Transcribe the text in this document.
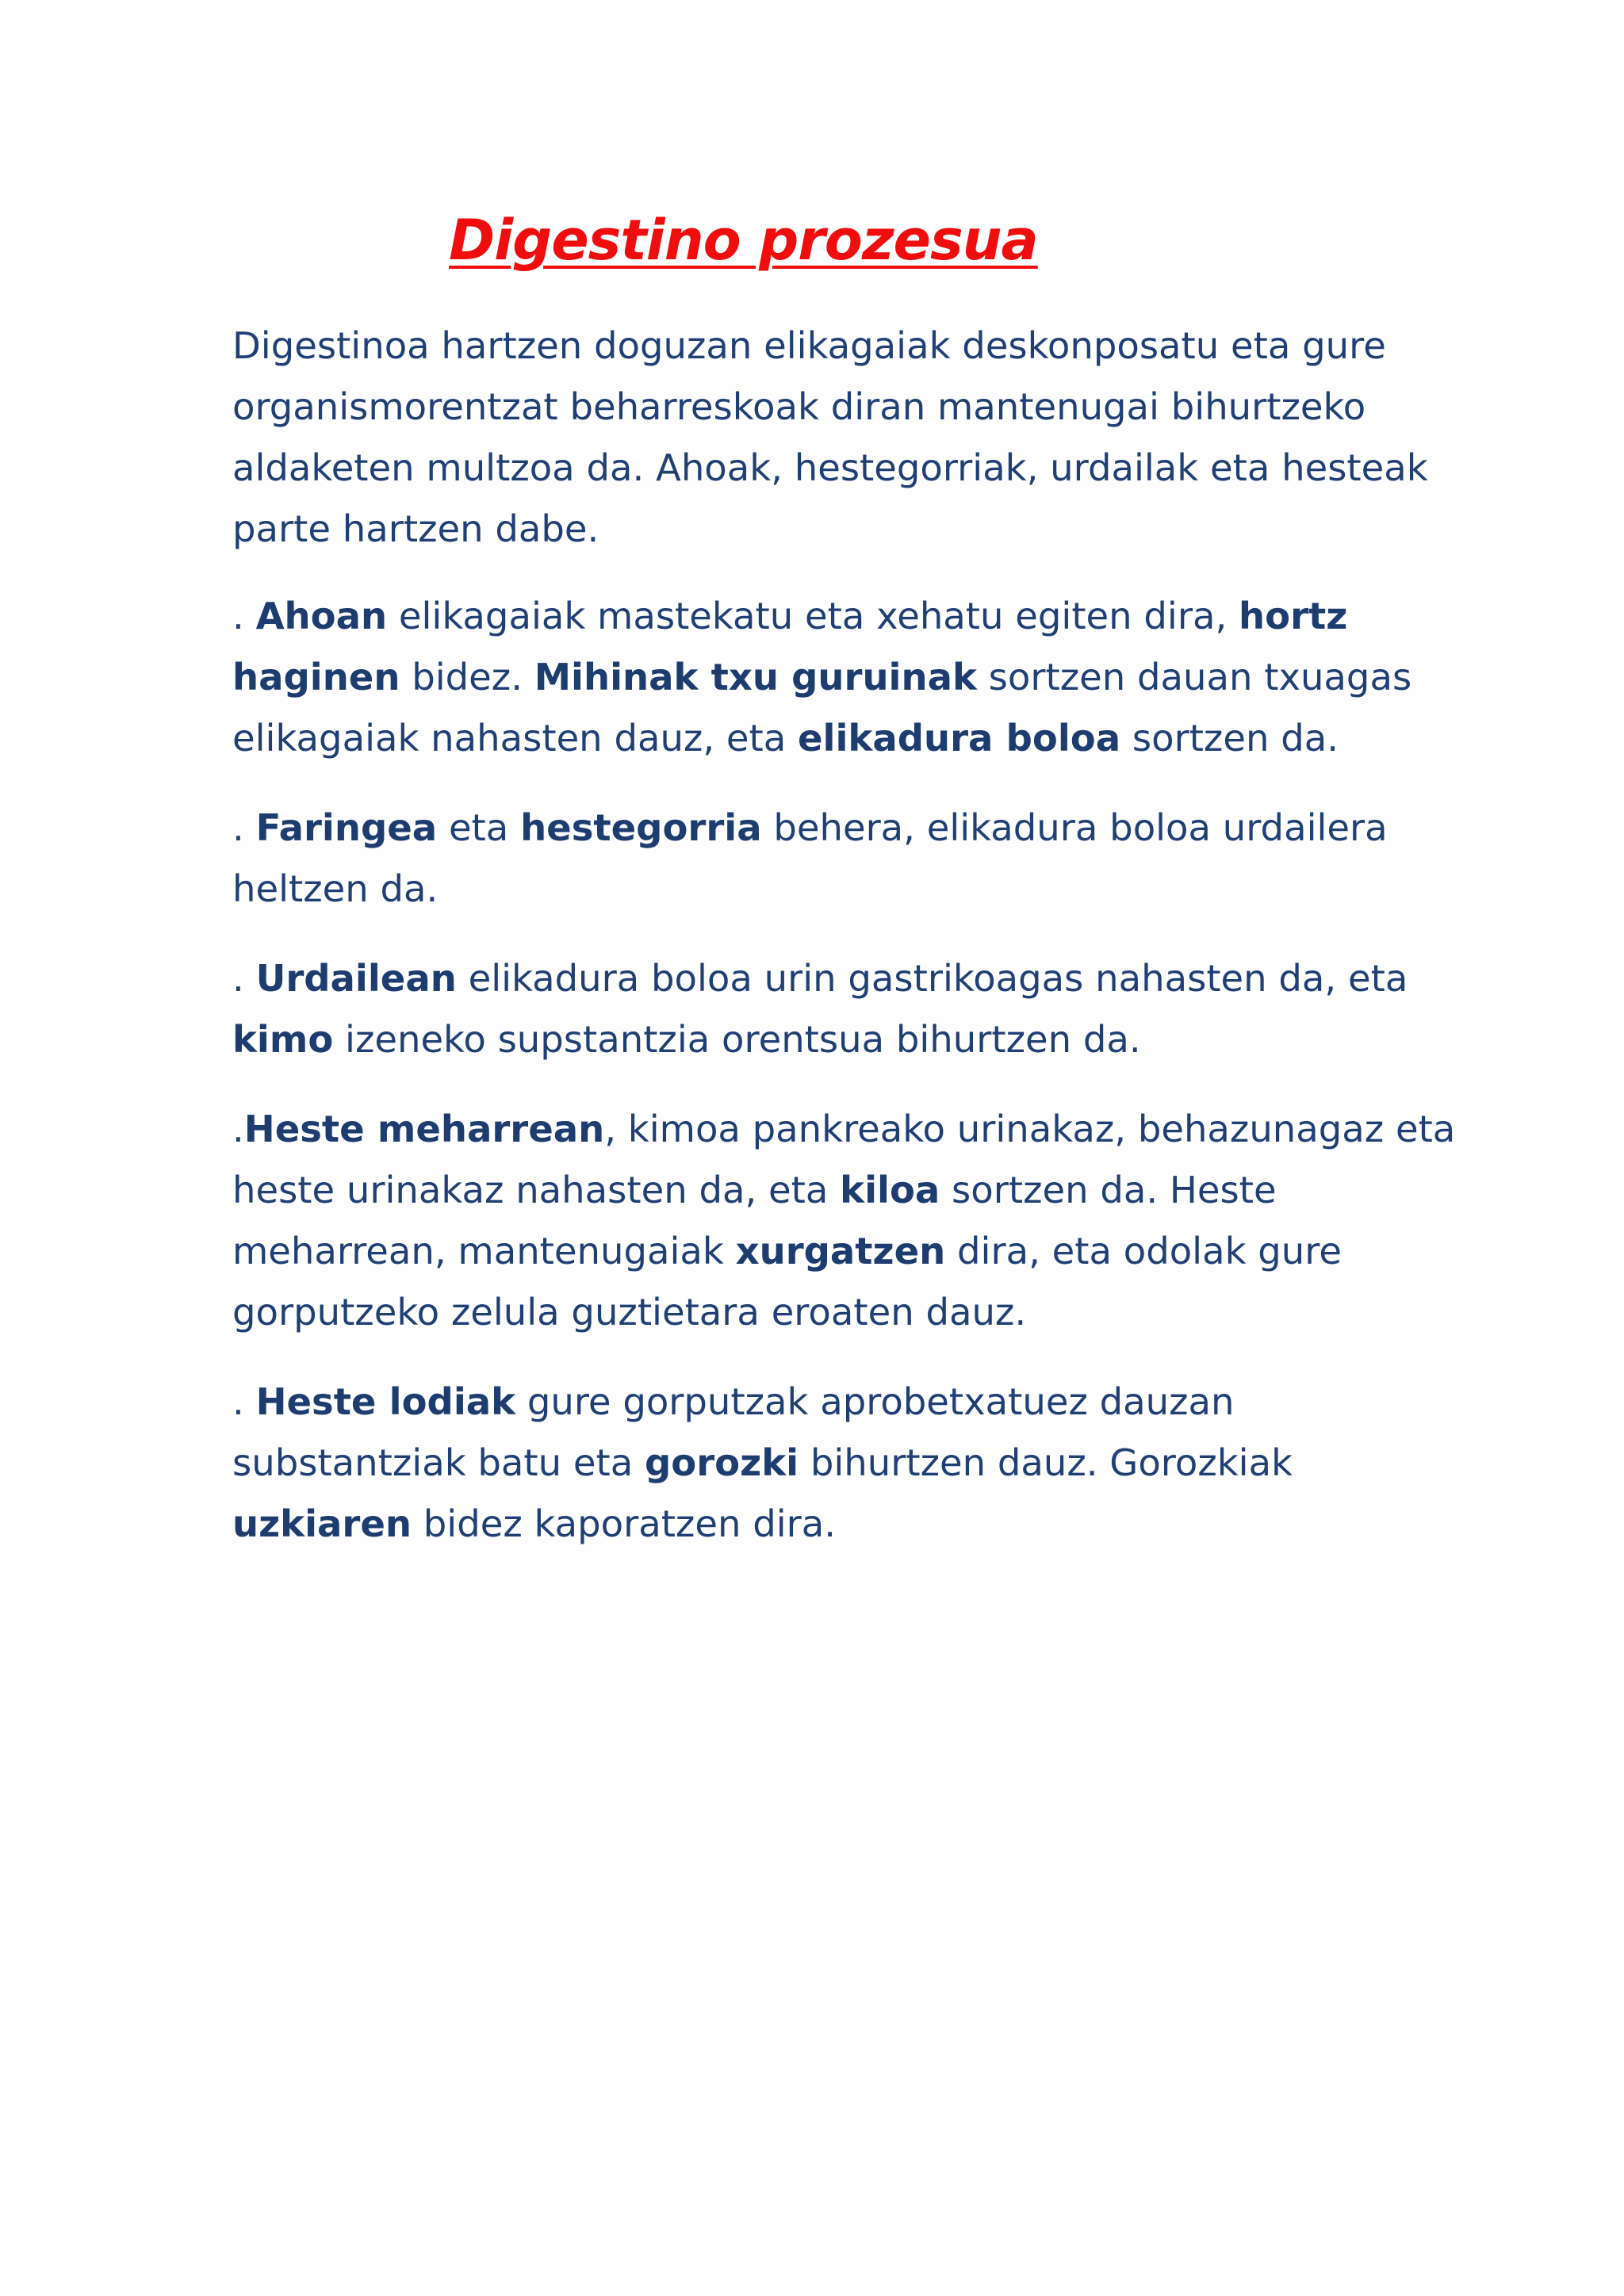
Digestino prozesua

Digestinoa hartzen doguzan elikagaiak deskonposatu eta gure
organismorentzat beharreskoak diran mantenugai bihurtzeko
aldaketen multzoa da. Ahoak, hestegorriak, urdailak eta hesteak
parte hartzen dabe.

. Ahoan elikagaiak mastekatu eta xehatu egiten dira, hortz
haginen bidez. Mihinak txu guruinak sortzen dauan txuagas
elikagaiak nahasten dauz, eta elikadura boloa sortzen da.

. Faringea eta hestegorria behera, elikadura boloa urdailera
heltzen da.

. Urdailean elikadura boloa urin gastrikoagas nahasten da, eta
kimo izeneko supstantzia orentsua bihurtzen da.

.Heste meharrean, kimoa pankreako urinakaz, behazunagaz eta
heste urinakaz nahasten da, eta kiloa sortzen da. Heste
meharrean, mantenugaiak xurgatzen dira, eta odolak gure
gorputzeko zelula guztietara eroaten dauz.

. Heste lodiak gure gorputzak aprobetxatuez dauzan
substantziak batu eta gorozki bihurtzen dauz. Gorozkiak
uzkiaren bidez kaporatzen dira.
